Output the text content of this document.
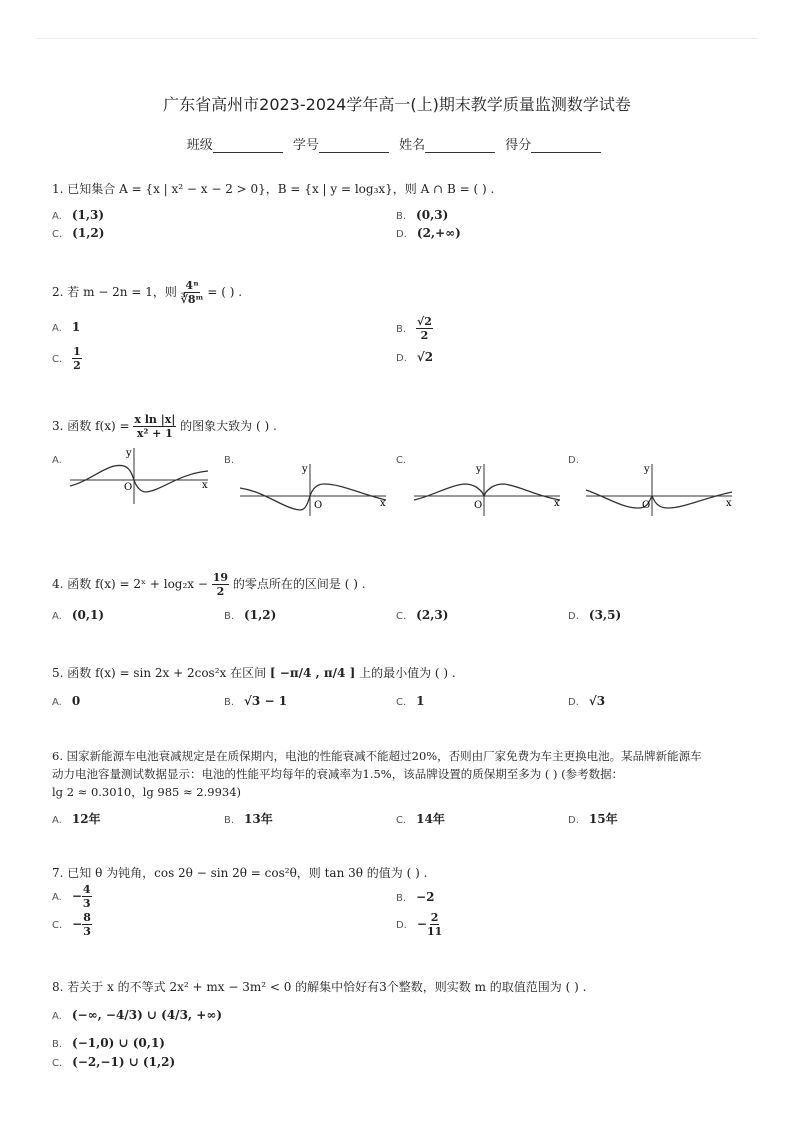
广东省高州市2023-2024学年高一(上)期末教学质量监测数学试卷
班级	学号	姓名	得分
1. 已知集合 A = {x | x² − x − 2 > 0}，B = {x | y = log₃x}，则 A ∩ B = ( ) .
A. (1,3)	B. (0,3)
C. (1,2)	D. (2,+∞)
2. 若 m − 2n = 1，则 $\frac{\text{4ⁿ}}{\text{∛8ᵐ}}$ = ( ) .
A. 1	B. $\frac{√2}{2}$
C. $\frac{1}{2}$	D. √2
3. 函数 $f(x) = \frac{\text{x ln |x|}}{\text{x² + 1}}$ 的图象大致为 ( ) .
A.
y
O	x
B.
y
O	x
C.
y
O	x
D.
y
O	x
4. 函数 f(x) = 2ˣ + $\log_2x - \frac{19}{2}$ 的零点所在的区间是 ( ) .
A. (0,1)	B. (1,2)	C. (2,3)	D. (3,5)
5. 函数 f(x) = sin 2x + 2cos²x 在区间 [ −π/4 , π/4 ] 上的最小值为 ( ) .
A. 0	B. √3 − 1	C. 1	D. √3
6. 国家新能源车电池衰减规定是在质保期内，电池的性能衰减不能超过20%，否则由厂家免费为车主更换电池。某品牌新能源车
动力电池容量测试数据显示：电池的性能平均每年的衰减率为1.5%，该品牌设置的质保期至多为 ( ) (参考数据：
lg 2 ≈ 0.3010，lg 985 ≈ 2.9934)
A. 12年	B. 13年	C. 14年	D. 15年
7. 已知 θ 为钝角，cos 2θ − sin 2θ = cos²θ，则 tan 3θ 的值为 ( ) .
A. − $\frac{4}{3}$	B. −2
C. − $\frac{8}{3}$	D. − $\frac{2}{11}$
8. 若关于 x 的不等式 2x² + mx − 3m² < 0 的解集中恰好有3个整数，则实数 m 的取值范围为 ( ) .
A. (−∞, −4/3) ∪ (4/3, +∞)
B. (−1,0) ∪ (0,1)
C. (−2,−1) ∪ (1,2)
